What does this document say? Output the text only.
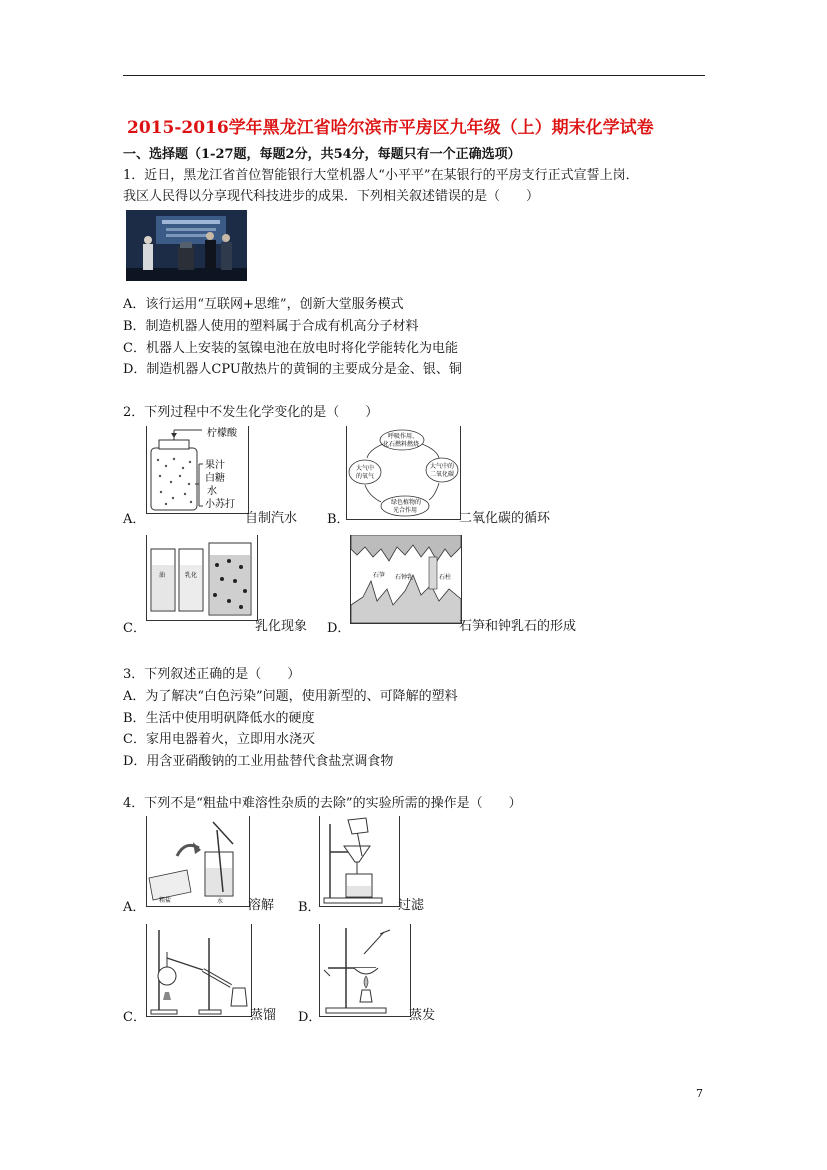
2015-2016学年黑龙江省哈尔滨市平房区九年级（上）期末化学试卷
一、选择题（1-27题，每题2分，共54分，每题只有一个正确选项）
1．近日，黑龙江省首位智能银行大堂机器人“小平平”在某银行的平房支行正式宣誓上岗．
我区人民得以分享现代科技进步的成果．下列相关叙述错误的是（　　）
A．该行运用“互联网+思维”，创新大堂服务模式
B．制造机器人使用的塑料属于合成有机高分子材料
C．机器人上安装的氢镍电池在放电时将化学能转化为电能
D．制造机器人CPU散热片的黄铜的主要成分是金、银、铜
2．下列过程中不发生化学变化的是（　　）
柠檬酸
果汁
白糖
水
小苏打
A．	自制汽水
呼吸作用、
化石燃料燃烧
大气中
的氧气
大气中的
二氧化碳
绿色植物的
光合作用
B．	二氧化碳的循环
油	乳化
C．	乳化现象
石笋 石钟乳	石柱
D．	石笋和钟乳石的形成
3．下列叙述正确的是（　　）
A．为了解决“白色污染”问题，使用新型的、可降解的塑料
B．生活中使用明矾降低水的硬度
C．家用电器着火，立即用水浇灭
D．用含亚硝酸钠的工业用盐替代食盐烹调食物
4．下列不是“粗盐中难溶性杂质的去除”的实验所需的操作是（　　）
粗盐	水
A．	溶解 B．	过滤
C．	蒸馏 D．	蒸发
7
